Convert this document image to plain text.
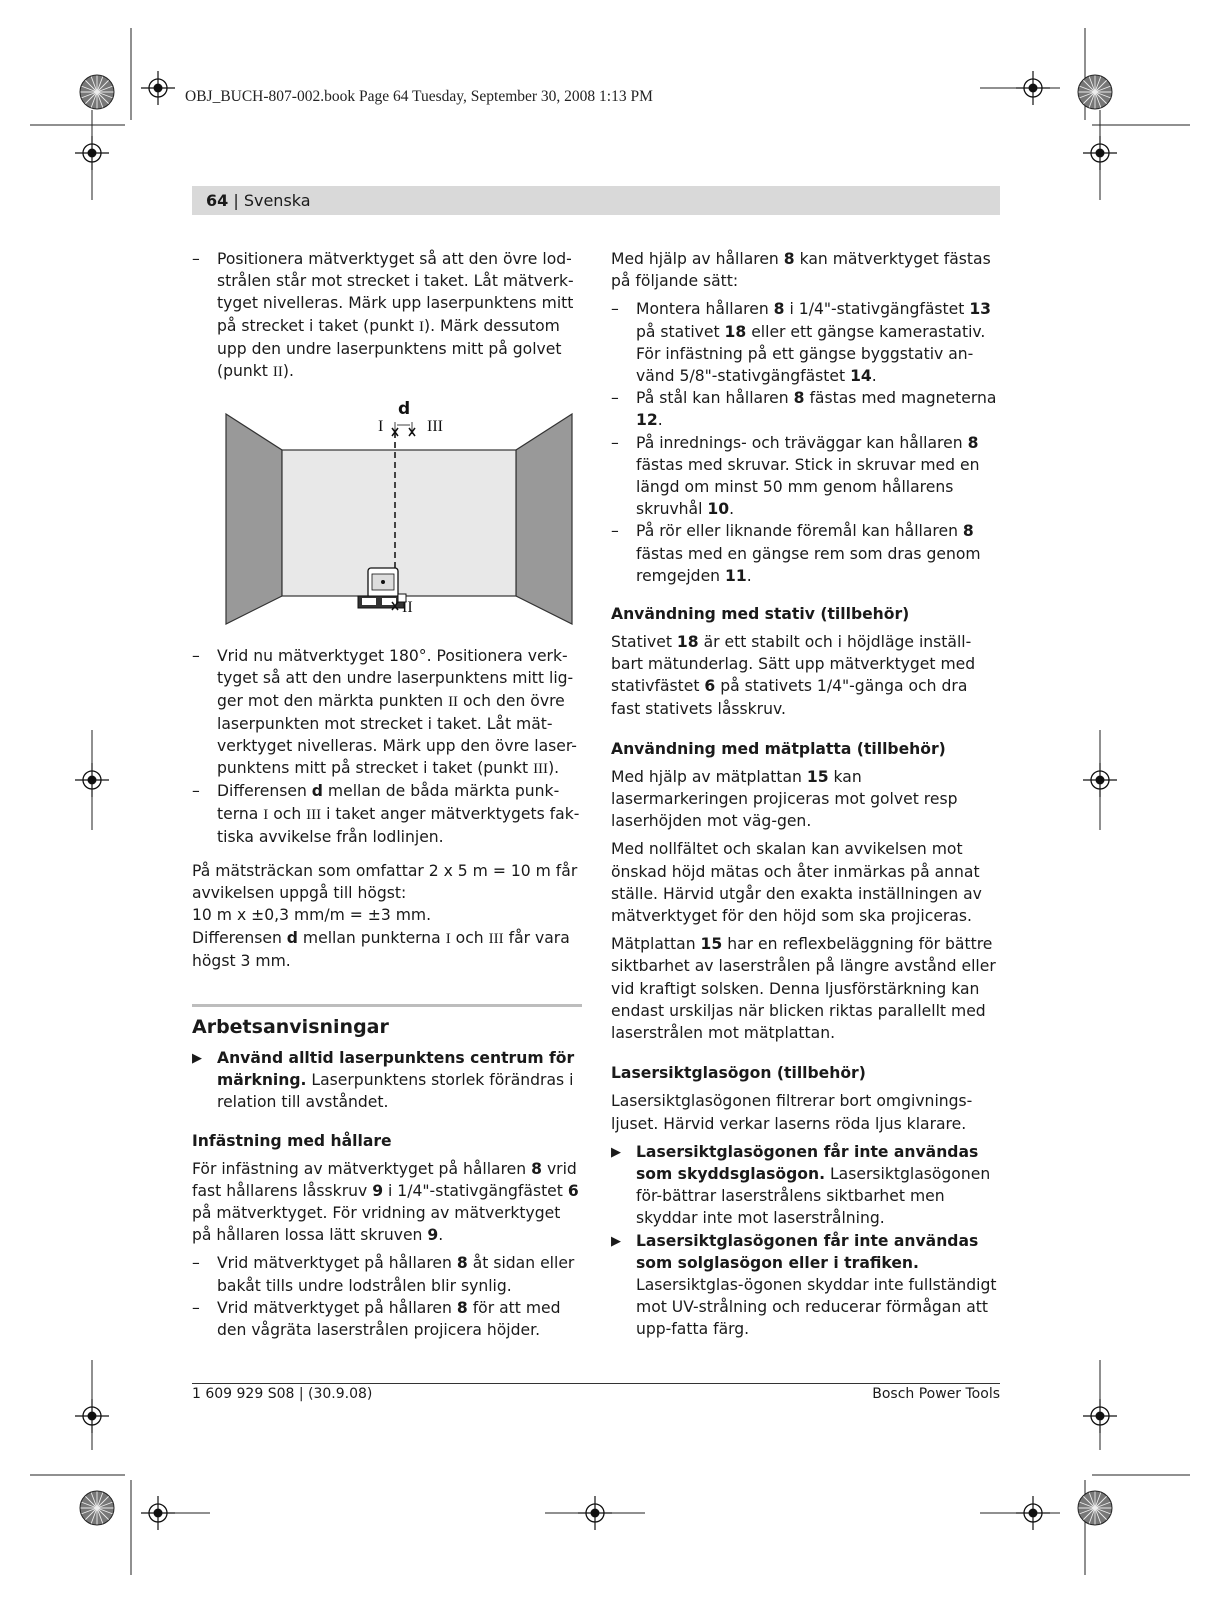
OBJ_BUCH-807-002.book Page 64 Tuesday, September 30, 2008 1:13 PM
64 | Svenska
– Positionera mätverktyget så att den övre lod-strålen står mot strecket i taket. Låt mätverk-tyget nivelleras. Märk upp laserpunktens mitt på strecket i taket (punkt I). Märk dessutom upp den undre laserpunktens mitt på golvet (punkt II).
– Vrid nu mätverktyget 180°. Positionera verk-tyget så att den undre laserpunktens mitt lig-ger mot den märkta punkten II och den övre laserpunkten mot strecket i taket. Låt mät-verktyget nivelleras. Märk upp den övre laser-punktens mitt på strecket i taket (punkt III).
– Differensen d mellan de båda märkta punk-terna I och III i taket anger mätverktygets fak-tiska avvikelse från lodlinjen.

På mätsträckan som omfattar 2 x 5 m = 10 m får avvikelsen uppgå till högst:
10 m x ±0,3 mm/m = ±3 mm.
Differensen d mellan punkterna I och III får vara högst 3 mm.

Arbetsanvisningar
▶ Använd alltid laserpunktens centrum för märkning. Laserpunktens storlek förändras i relation till avståndet.
Infästning med hållare

För infästning av mätverktyget på hållaren 8 vrid fast hållarens låsskruv 9 i 1/4"-stativgängfästet 6 på mätverktyget. För vridning av mätverktyget på hållaren lossa lätt skruven 9.

– Vrid mätverktyget på hållaren 8 åt sidan eller bakåt tills undre lodstrålen blir synlig.
– Vrid mätverktyget på hållaren 8 för att med den vågräta laserstrålen projicera höjder.
d
I	III
II

Med hjälp av hållaren 8 kan mätverktyget fästas på följande sätt:

– Montera hållaren 8 i 1/4"-stativgängfästet 13 på stativet 18 eller ett gängse kamerastativ. För infästning på ett gängse byggstativ an-vänd 5/8"-stativgängfästet 14.
– På stål kan hållaren 8 fästas med magneterna 12.
– På inrednings- och träväggar kan hållaren 8 fästas med skruvar. Stick in skruvar med en längd om minst 50 mm genom hållarens skruvhål 10.
– På rör eller liknande föremål kan hållaren 8 fästas med en gängse rem som dras genom remgejden 11.
Användning med stativ (tillbehör)

Stativet 18 är ett stabilt och i höjdläge inställ-bart mätunderlag. Sätt upp mätverktyget med stativfästet 6 på stativets 1/4"-gänga och dra fast stativets låsskruv.

Användning med mätplatta (tillbehör)

Med hjälp av mätplattan 15 kan lasermarkeringen projiceras mot golvet resp laserhöjden mot väg-gen.

Med nollfältet och skalan kan avvikelsen mot önskad höjd mätas och åter inmärkas på annat ställe. Härvid utgår den exakta inställningen av mätverktyget för den höjd som ska projiceras.

Mätplattan 15 har en reflexbeläggning för bättre siktbarhet av laserstrålen på längre avstånd eller vid kraftigt solsken. Denna ljusförstärkning kan endast urskiljas när blicken riktas parallellt med laserstrålen mot mätplattan.

Lasersiktglasögon (tillbehör)

Lasersiktglasögonen filtrerar bort omgivnings-ljuset. Härvid verkar laserns röda ljus klarare.

▶ Lasersiktglasögonen får inte användas som skyddsglasögon. Lasersiktglasögonen för-bättrar laserstrålens siktbarhet men skyddar inte mot laserstrålning.
▶ Lasersiktglasögonen får inte användas som solglasögon eller i trafiken. Lasersiktglas-ögonen skyddar inte fullständigt mot UV-strålning och reducerar förmågan att upp-fatta färg.
1 609 929 S08 | (30.9.08)	Bosch Power Tools
